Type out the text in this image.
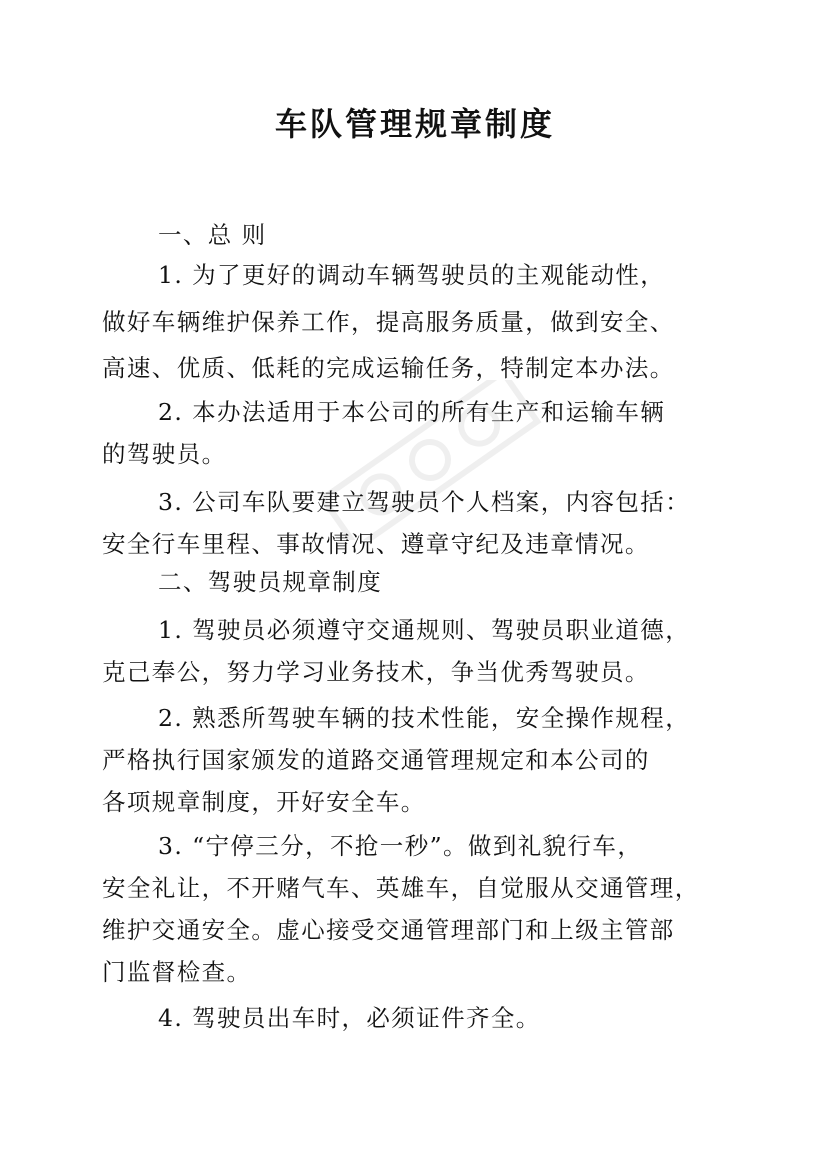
车队管理规章制度
一、总 则
1. 为了更好的调动车辆驾驶员的主观能动性，
做好车辆维护保养工作，提高服务质量，做到安全、
高速、优质、低耗的完成运输任务，特制定本办法。
2. 本办法适用于本公司的所有生产和运输车辆
的驾驶员。
3. 公司车队要建立驾驶员个人档案，内容包括：
安全行车里程、事故情况、遵章守纪及违章情况。
二、驾驶员规章制度
1. 驾驶员必须遵守交通规则、驾驶员职业道德，
克己奉公，努力学习业务技术，争当优秀驾驶员。
2. 熟悉所驾驶车辆的技术性能，安全操作规程，
严格执行国家颁发的道路交通管理规定和本公司的
各项规章制度，开好安全车。
3. “宁停三分，不抢一秒”。做到礼貌行车，
安全礼让，不开赌气车、英雄车，自觉服从交通管理，
维护交通安全。虚心接受交通管理部门和上级主管部
门监督检查。
4. 驾驶员出车时，必须证件齐全。
